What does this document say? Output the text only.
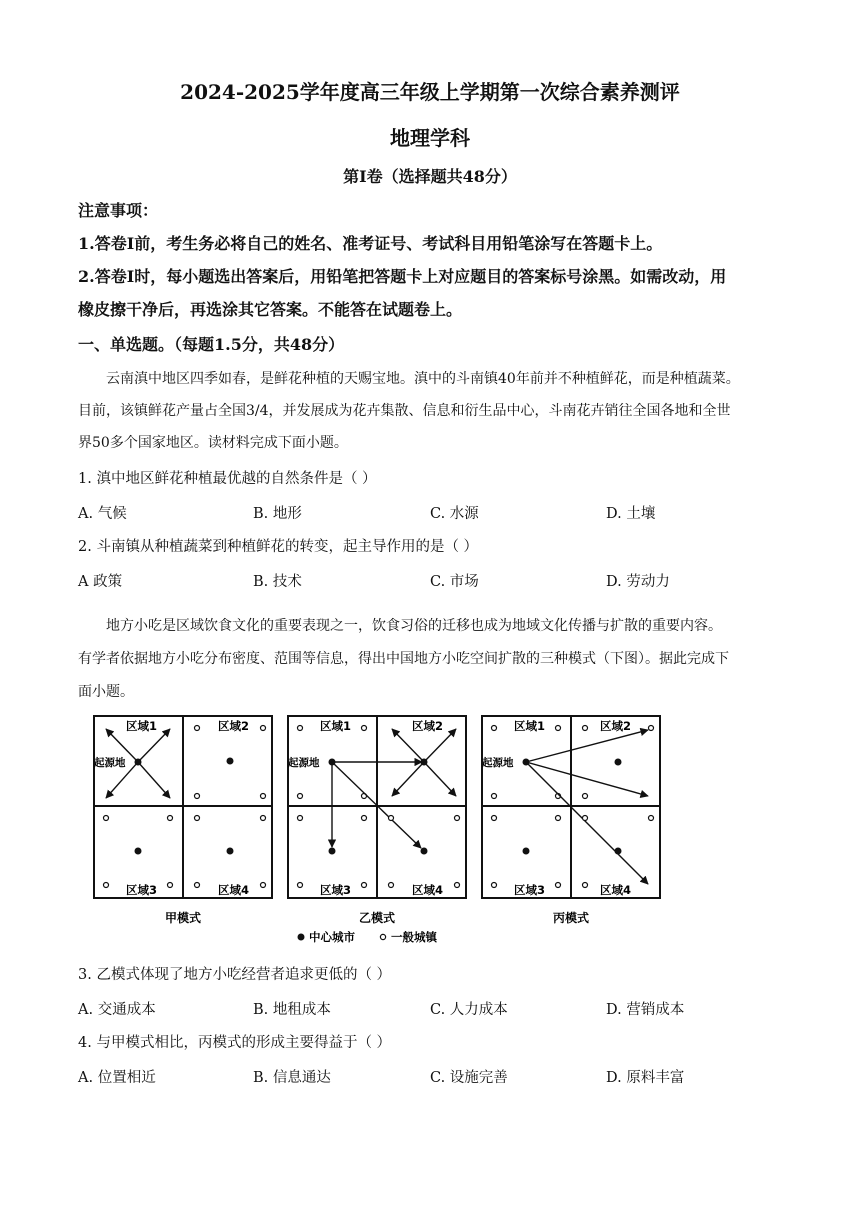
2024-2025学年度高三年级上学期第一次综合素养测评
地理学科
第Ⅰ卷（选择题共48分）
注意事项：
1.答卷Ⅰ前，考生务必将自己的姓名、准考证号、考试科目用铅笔涂写在答题卡上。
2.答卷Ⅰ时，每小题选出答案后，用铅笔把答题卡上对应题目的答案标号涂黑。如需改动，用
橡皮擦干净后，再选涂其它答案。不能答在试题卷上。
一、单选题。（每题1.5分，共48分）
云南滇中地区四季如春，是鲜花种植的天赐宝地。滇中的斗南镇40年前并不种植鲜花，而是种植蔬菜。
目前，该镇鲜花产量占全国3/4，并发展成为花卉集散、信息和衍生品中心，斗南花卉销往全国各地和全世
界50多个国家地区。读材料完成下面小题。
1. 滇中地区鲜花种植最优越的自然条件是（ ）
A. 气候	B. 地形	C. 水源	D. 土壤
2. 斗南镇从种植蔬菜到种植鲜花的转变，起主导作用的是（ ）
A 政策	B. 技术	C. 市场	D. 劳动力
地方小吃是区域饮食文化的重要表现之一，饮食习俗的迁移也成为地域文化传播与扩散的重要内容。
有学者依据地方小吃分布密度、范围等信息，得出中国地方小吃空间扩散的三种模式（下图）。据此完成下
面小题。
区域1	区域2
区域3	区域4
起源地
甲模式
区域1	区域2
区域3	区域4
起源地
乙模式
区域1	区域2
区域3	区域4
起源地
丙模式
中心城市	一般城镇
3. 乙模式体现了地方小吃经营者追求更低的（ ）
A. 交通成本	B. 地租成本	C. 人力成本	D. 营销成本
4. 与甲模式相比，丙模式的形成主要得益于（ ）
A. 位置相近	B. 信息通达	C. 设施完善	D. 原料丰富
